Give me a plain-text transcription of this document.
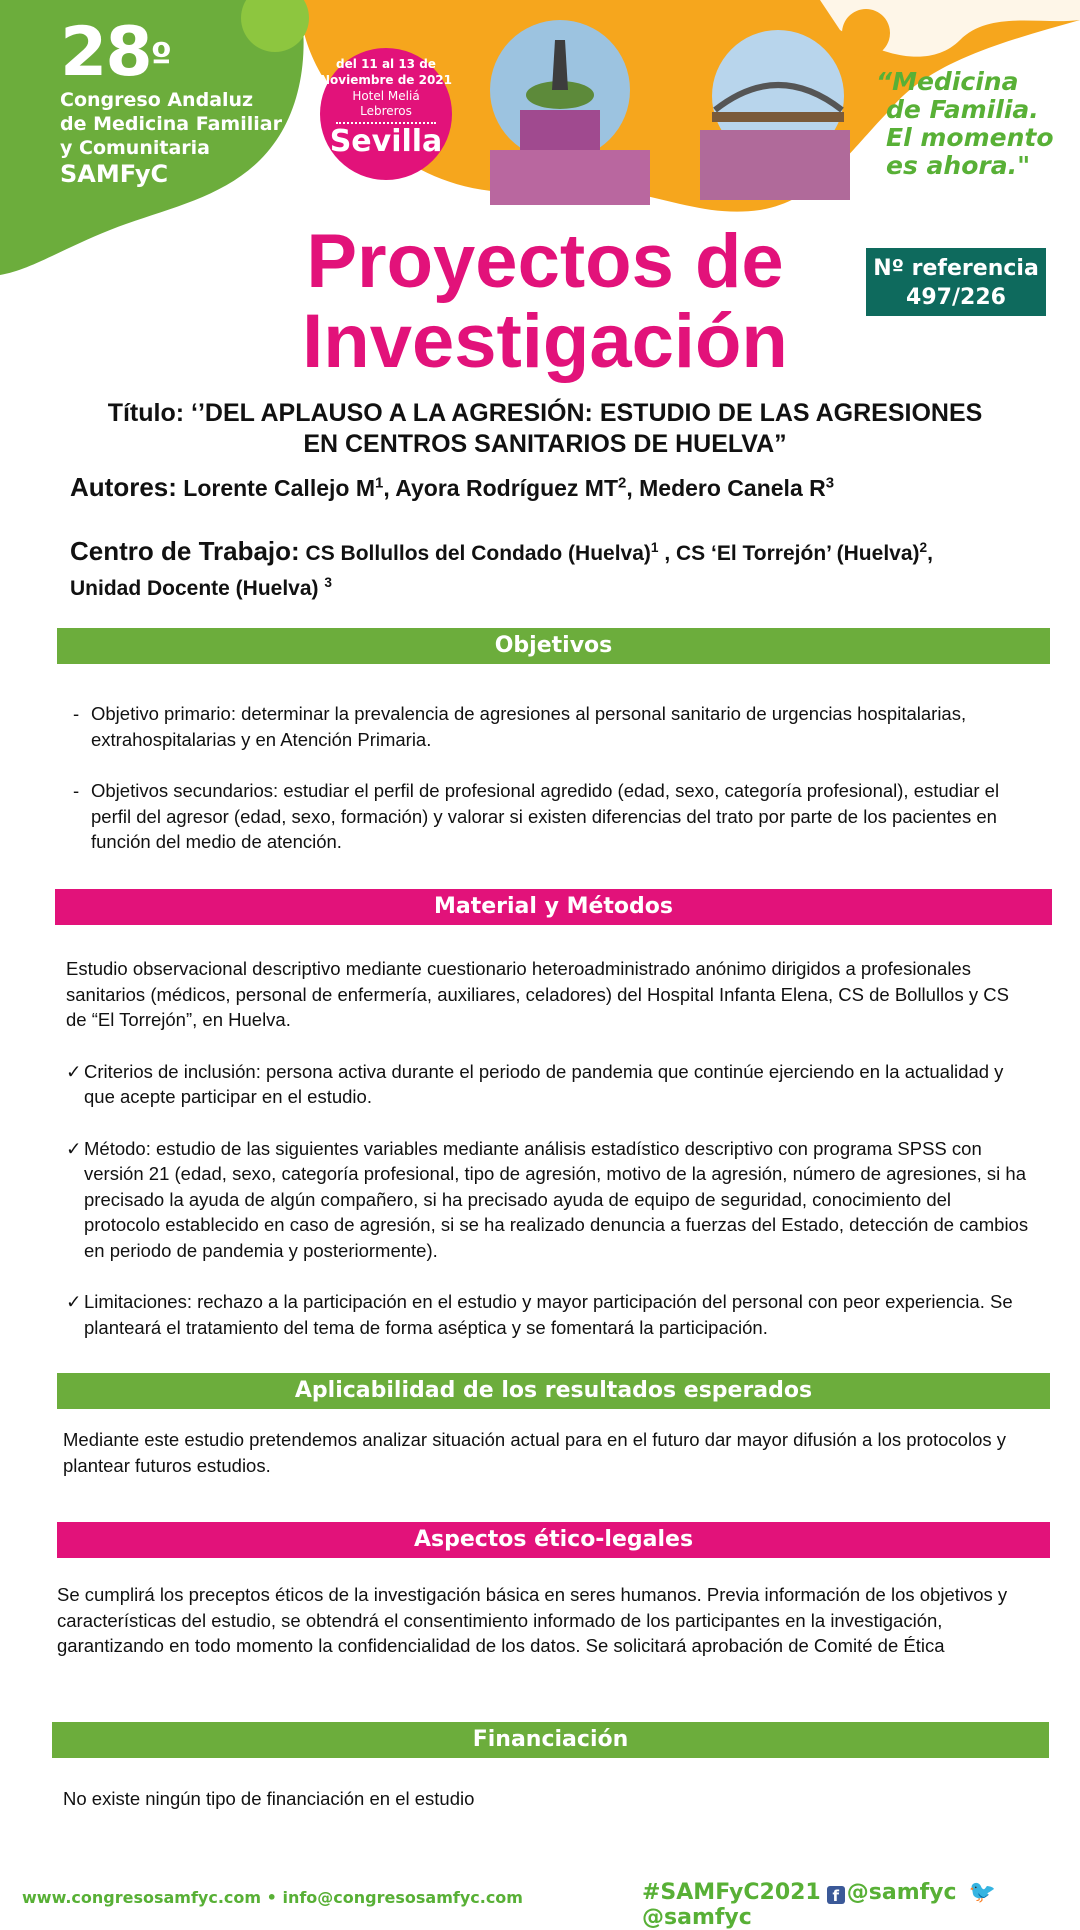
$28^º$
Congreso Andaluz
de Medicina Familiar
y Comunitaria
SAMFyC
del 11 al 13 de
Noviembre de 2021
Hotel Meliá Lebreros
Sevilla
“Medicina
de Familia.
El momento
es ahora."
Proyectos de
Investigación
Nº referencia
497/226
Título: ‘’DEL APLAUSO A LA AGRESIÓN: ESTUDIO DE LAS AGRESIONES
EN CENTROS SANITARIOS DE HUELVA”
Autores: Lorente Callejo $M^1$, Ayora Rodríguez $MT^2$, Medero Canela $R^3$
Centro de Trabajo: CS Bollullos del Condado (Huelva)$^1$ , CS ‘El Torrejón’ (Huelva)$^2$,
Unidad Docente (Huelva) $^3$
Objetivos
- Objetivo primario: determinar la prevalencia de agresiones al personal sanitario de urgencias hospitalarias, extrahospitalarias y en Atención Primaria.
- Objetivos secundarios: estudiar el perfil de profesional agredido (edad, sexo, categoría profesional), estudiar el perfil del agresor (edad, sexo, formación) y valorar si existen diferencias del trato por parte de los pacientes en función del medio de atención.
Material y Métodos
Estudio observacional descriptivo mediante cuestionario heteroadministrado anónimo dirigidos a profesionales sanitarios (médicos, personal de enfermería, auxiliares, celadores) del Hospital Infanta Elena, CS de Bollullos y CS de “El Torrejón”, en Huelva.
✓ Criterios de inclusión: persona activa durante el periodo de pandemia que continúe ejerciendo en la actualidad y que acepte participar en el estudio.
✓ Método: estudio de las siguientes variables mediante análisis estadístico descriptivo con programa SPSS con versión 21 (edad, sexo, categoría profesional, tipo de agresión, motivo de la agresión, número de agresiones, si ha precisado la ayuda de algún compañero, si ha precisado ayuda de equipo de seguridad, conocimiento del protocolo establecido en caso de agresión, si se ha realizado denuncia a fuerzas del Estado, detección de cambios en periodo de pandemia y posteriormente).
✓ Limitaciones: rechazo a la participación en el estudio y mayor participación del personal con peor experiencia. Se planteará el tratamiento del tema de forma aséptica y se fomentará la participación.
Aplicabilidad de los resultados esperados
Mediante este estudio pretendemos analizar situación actual para en el futuro dar mayor difusión a los protocolos y plantear futuros estudios.
Aspectos ético-legales
Se cumplirá los preceptos éticos de la investigación básica en seres humanos. Previa información de los objetivos y características del estudio, se obtendrá el consentimiento informado de los participantes en la investigación, garantizando en todo momento la confidencialidad de los datos. Se solicitará aprobación de Comité de Ética
Financiación
No existe ningún tipo de financiación en el estudio
www.congresosamfyc.com • info@congresosamfyc.com	#SAMFyC2021 f @samfyc 🐦@samfyc
